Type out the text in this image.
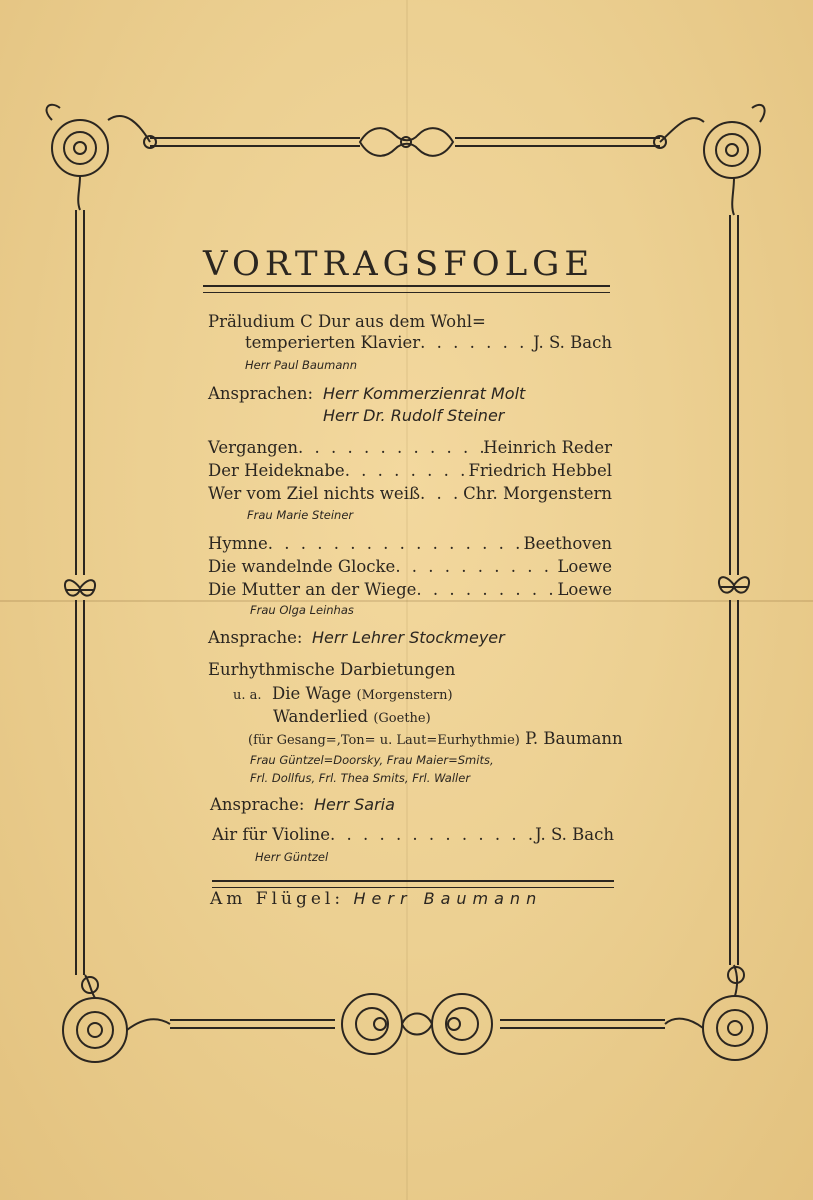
VORTRAGSFOLGE
Präludium C Dur aus dem Wohl=
temperierten Klavier . . .	J. S. Bach
Herr Paul Baumann
Ansprachen: Herr Kommerzienrat Molt
Herr Dr. Rudolf Steiner
Vergangen . . .	Heinrich Reder
Der Heideknabe . . .	Friedrich Hebbel
Wer vom Ziel nichts weiß . . .	Chr. Morgenstern
Frau Marie Steiner
Hymne . . .	Beethoven
Die wandelnde Glocke . . .	Loewe
Die Mutter an der Wiege . . .	Loewe
Frau Olga Leinhas
Ansprache: Herr Lehrer Stockmeyer
Eurhythmische Darbietungen
u. a. Die Wage (Morgenstern)
Wanderlied (Goethe)
(für Gesang=,Ton= u. Laut=Eurhythmie) P. Baumann
Frau Güntzel=Doorsky, Frau Maier=Smits,
Frl. Dollfus, Frl. Thea Smits, Frl. Waller
Ansprache: Herr Saria
Air für Violine . . .	J. S. Bach
Herr Güntzel
Am Flügel: Herr Baumann
